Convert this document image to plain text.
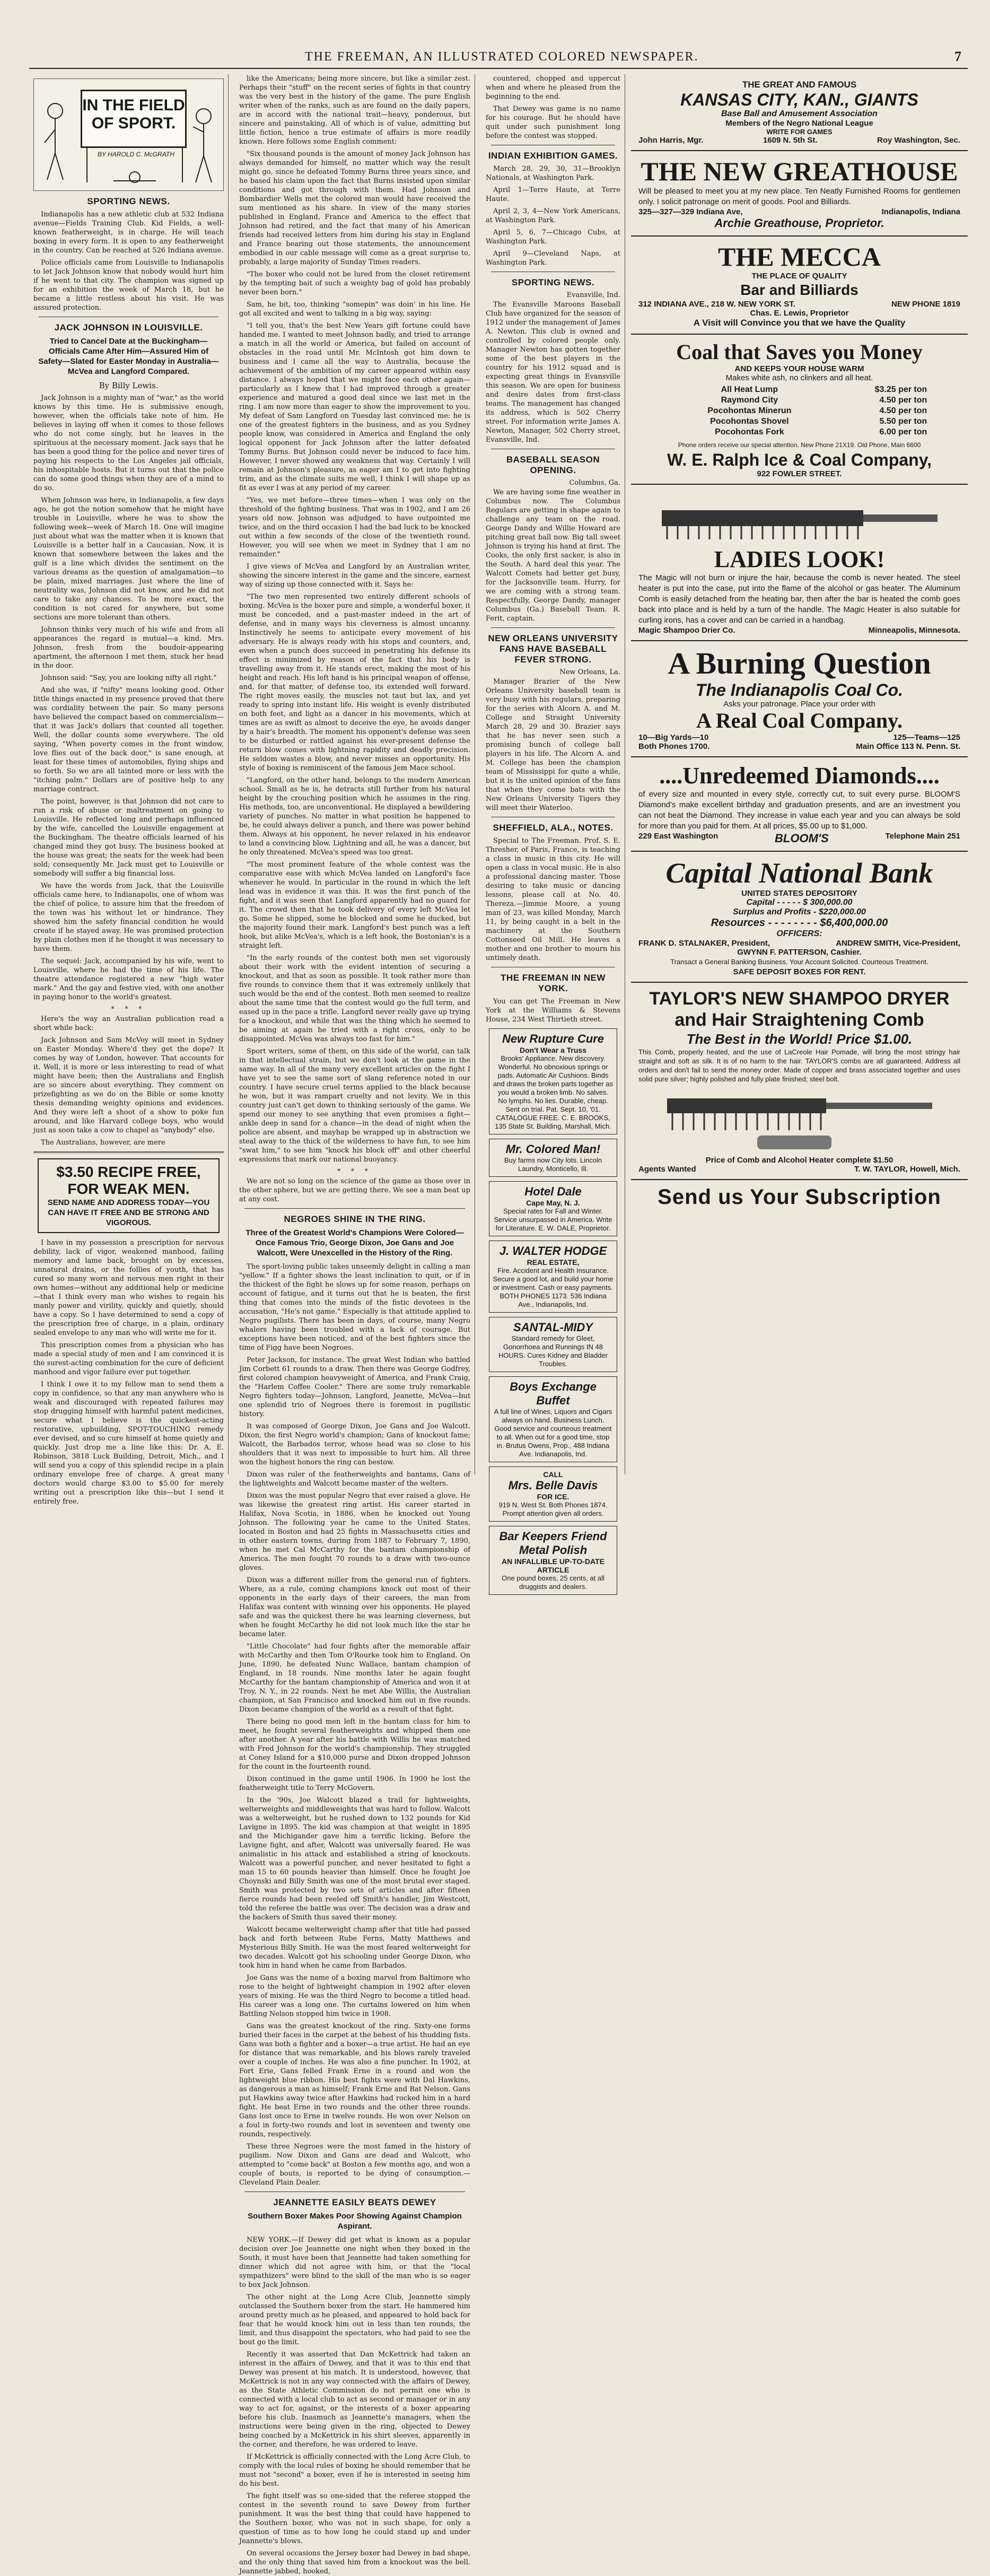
THE FREEMAN, AN ILLUSTRATED COLORED NEWSPAPER.	7
IN THE FIELD OF SPORT.
BY HAROLD C. McGRATH
SPORTING NEWS.

Indianapolis has a new athletic club at 532 Indiana avenue—Fields Training Club. Kid Fields, a well-known featherweight, is in charge. He will teach boxing in every form. It is open to any featherweight in the country. Can be reached at 526 Indiana avenue.

Police officials came from Louisville to Indianapolis to let Jack Johnson know that nobody would hurt him if he went to that city. The champion was signed up for an exhibition the week of March 18, but he became a little restless about his visit. He was assured protection.

JACK JOHNSON IN LOUISVILLE.
Tried to Cancel Date at the Buckingham—Officials Came After Him—Assured Him of Safety—Slated for Easter Monday in Australia—McVea and Langford Compared.
By Billy Lewis.

Jack Johnson is a mighty man of "war," as the world knows by this time. He is submissive enough, however, when the officials take note of him. He believes in laying off when it comes to those fellows who do not come singly, but he leaves in the spirituous at the necessary moment. Jack says that he has been a good thing for the police and never tires of paying his respects to the Los Angeles jail officials, his inhospitable hosts. But it turns out that the police can do some good things when they are of a mind to do so.

When Johnson was here, in Indianapolis, a few days ago, he got the notion somehow that he might have trouble in Louisville, where he was to show the following week—week of March 18. One will imagine just about what was the matter when it is known that Louisville is a better half in a Caucasian. Now, it is known that somewhere between the lakes and the gulf is a line which divides the sentiment on the various dreams as the question of amalgamation—to be plain, mixed marriages. Just where the line of neutrality was, Johnson did not know, and he did not care to take any chances. To be more exact, the condition is not cared for anywhere, but some sections are more tolerant than others.

Johnson thinks very much of his wife and from all appearances the regard is mutual—a kind. Mrs. Johnson, fresh from the boudoir-appearing apartment, the afternoon I met them, stuck her head in the door.

Johnson said: "Say, you are looking nifty all right."

And she was, if "nifty" means looking good. Other little things enacted in my presence proved that there was cordiality between the pair. So many persons have believed the compact based on commercialism—that it was Jack's dollars that counted all together. Well, the dollar counts some everywhere. The old saying, "When poverty comes in the front window, love flies out of the back door," is sane enough, at least for these times of automobiles, flying ships and so forth. So we are all tainted more or less with the "itching palm." Dollars are of positive help to any marriage contract.

The point, however, is that Johnson did not care to run a risk of abuse or maltreatment on going to Louisville. He reflected long and perhaps influenced by the wife, cancelled the Louisville engagement at the Buckingham. The theatre officials learned of his changed mind they got busy. The business booked at the house was great; the seats for the week had been sold; consequently Mr. Jack must get to Louisville or somebody will suffer a big financial loss.

We have the words from Jack, that the Louisville officials came here, to Indianapolis, one of whom was the chief of police, to assure him that the freedom of the town was his without let or hindrance. They showed him the safety financial condition he would create if he stayed away. He was promised protection by plain clothes men if he thought it was necessary to have them.

The sequel: Jack, accompanied by his wife, went to Louisville, where he had the time of his life. The theatre attendance registered a new "high water mark." And the gay and festive vied, with one another in paying honor to the world's greatest.

* * *

Here's the way an Australian publication read a short while back:

Jack Johnson and Sam McVey will meet in Sydney on Easter Monday. Where'd they get the dope? It comes by way of London, however. That accounts for it. Well, it is more or less interesting to read of what might have been; then the Australians and English are so sincere about everything. They comment on prizefighting as we do on the Bible or some knotty thesis demanding weighty opinions and evidences. And they were left a shoot of a show to poke fun around, and like Harvard college boys, who would just as soon take a cow to chapel as "anybody" else.

The Australians, however, are mere

$3.50 RECIPE FREE, FOR WEAK MEN.
SEND NAME AND ADDRESS TODAY—YOU CAN HAVE IT FREE AND BE STRONG AND VIGOROUS.

I have in my possession a prescription for nervous debility, lack of vigor, weakened manhood, failing memory and lame back, brought on by excesses, unnatural drains, or the follies of youth, that has cured so many worn and nervous men right in their own homes—without any additional help or medicine—that I think every man who wishes to regain his manly power and virility, quickly and quietly, should have a copy. So I have determined to send a copy of the prescription free of charge, in a plain, ordinary sealed envelope to any man who will write me for it.

This prescription comes from a physician who has made a special study of men and I am convinced it is the surest-acting combination for the cure of deficient manhood and vigor failure ever put together.

I think I owe it to my fellow man to send them a copy in confidence, so that any man anywhere who is weak and discouraged with repeated failures may stop drugging himself with harmful patent medicines, secure what I believe is the quickest-acting restorative, upbuilding, SPOT-TOUCHING remedy ever devised, and so cure himself at home quietly and quickly. Just drop me a line like this: Dr. A. E. Robinson, 3818 Luck Building, Detroit, Mich., and I will send you a copy of this splendid recipe in a plain ordinary envelope free of charge. A great many doctors would charge $3.00 to $5.00 for merely writing out a prescription like this—but I send it entirely free.

like the Americans; being more sincere, but like a similar zest. Perhaps their "stuff" on the recent series of fights in that country was the very best in the history of the game. The pure English writer when of the ranks, such as are found on the daily papers, are in accord with the national trait—heavy, ponderous, but sincere and painstaking. All of which is of value, admitting but little fiction, hence a true estimate of affairs is more readily known. Here follows some English comment:

"Six thousand pounds is the amount of money Jack Johnson has always demanded for himself, no matter which way the result might go, since he defeated Tommy Burns three years since, and he based his claim upon the fact that Burns insisted upon similar conditions and got through with them. Had Johnson and Bombardier Wells met the colored man would have received the sum mentioned as his share. In view of the many stories published in England, France and America to the effect that Johnson had retired, and the fact that many of his American friends had received letters from him during his stay in England and France bearing out those statements, the announcement embodied in our cable message will come as a great surprise to, probably, a large majority of Sunday Times readers.

"The boxer who could not be lured from the closet retirement by the tempting bait of such a weighty bag of gold has probably never been born."

Sam, he bit, too, thinking "somepin" was doin' in his line. He got all excited and went to talking in a big way, saying:

"I tell you, that's the best New Years gift fortune could have handed me. I wanted to meet Johnson badly, and tried to arrange a match in all the world or America, but failed on account of obstacles in the road until Mr. McIntosh got him down to business and I came all the way to Australia, because the achievement of the ambition of my career appeared within easy distance. I always hoped that we might face each other again—particularly as I knew that I had improved through a greater experience and matured a good deal since we last met in the ring. I am now more than eager to show the improvement to you. My defeat of Sam Langford on Tuesday last convinced me: he is one of the greatest fighters in the business, and as you Sydney people know, was considered in America and England the only logical opponent for Jack Johnson after the latter defeated Tommy Burns. But Johnson could never be induced to face him. However, I never showed any weakness that way. Certainly I will remain at Johnson's pleasure, as eager am I to get into fighting trim, and as the climate suits me well, I think I will shape up as fit as ever I was at any period of my career.

"Yes, we met before—three times—when I was only on the threshold of the fighting business. That was in 1902, and I am 26 years old now. Johnson was adjudged to have outpointed me twice, and on the third occasion I had the bad luck to be knocked out within a few seconds of the close of the twentieth round. However, you will see when we meet in Sydney that I am no remainder."

I give views of McVea and Langford by an Australian writer, showing the sincere interest in the game and the sincere, earnest way of sizing up those connected with it. Says he:

"The two men represented two entirely different schools of boxing. McVea is the boxer pure and simple, a wonderful boxer, it must be conceded, and a past-master indeed in the art of defense, and in many ways his cleverness is almost uncanny. Instinctively he seems to anticipate every movement of his adversary. He is always ready with his stops and counters, and, even when a punch does succeed in penetrating his defense its effect is minimized by reason of the fact that his body is travelling away from it. He stands erect, making the most of his height and reach. His left hand is his principal weapon of offense, and, for that matter, of defense too, its extended well forward. The right moves easily, the muscles not taut but lax, and yet ready to spring into instant life. His weight is evenly distributed on both feet, and light as a dancer in his movements, which at times are as swift as almost to deceive the eye, he avoids danger by a hair's breadth. The moment his opponent's defense was seen to be disturbed or rattled against his ever-present defense the return blow comes with lightning rapidity and deadly precision. He seldom wastes a blow, and never misses an opportunity. His style of boxing is reminiscent of the famous Jem Mace school.

"Langford, on the other hand, belongs to the modern American school. Small as he is, he detracts still further from his natural height by the crouching position which he assumes in the ring. His methods, too, are unconventional. He displayed a bewildering variety of punches. No matter in what position he happened to be, he could always deliver a punch, and there was power behind them. Always at his opponent, he never relaxed in his endeavor to land a convincing blow. Lightning and all, he was a dancer, but he only threatened. McVea's speed was too great.

"The most prominent feature of the whole contest was the comparative ease with which McVea landed on Langford's face whenever he would. In particular in the round in which the left lead was in evidence it was this. It was the first punch of the fight, and it was seen that Langford apparently had no guard for it. The crowd then that he took delivery of every left McVea let go. Some he slipped, some he blocked and some he ducked, but the majority found their mark. Langford's best punch was a left hook, but alike McVea's, which is a left hook, the Bostonian's is a straight left.

"In the early rounds of the contest both men set vigorously about their work with the evident intention of securing a knockout, and that as soon as possible. It took rather more than five rounds to convince them that it was extremely unlikely that such would be the end of the contest. Both men seemed to realize about the same time that the contest would go the full term, and eased up in the pace a trifle. Langford never really gave up trying for a knockout, and while that was the thing which he seemed to be aiming at again he tried with a right cross, only to be disappointed. McVea was always too fast for him."

Sport writers, some of them, on this side of the world, can talk in that intellectual strain, but we don't look at the game in the same way. In all of the many very excellent articles on the fight I have yet to see the same sort of slang reference noted in our country. I have secure cruel terms applied to the black because he won, but it was rampart cruelty and not levity. We in this country just can't get down to thinking seriously of the game. We spend our money to see anything that even promises a fight—ankle deep in sand for a chance—in the dead of night when the police are absent, and mayhap be wrapped up in abstraction we steal away to the thick of the wilderness to have fun, to see him "swat him," to see him "knock his block off" and other cheerful expressions that mark our national buoyancy.

* * *

We are not so long on the science of the game as those over in the other sphere, but we are getting there. We see a man beat up at any cost.

NEGROES SHINE IN THE RING.
Three of the Greatest World's Champions Were Colored—Once Famous Trio, George Dixon, Joe Gans and Joe Walcott, Were Unexcelled in the History of the Ring.

The sport-loving public takes unseemly delight in calling a man "yellow." If a fighter shows the least inclination to quit, or if in the thickest of the fight he slows up for some reason, perhaps on account of fatigue, and it turns out that he is beaten, the first thing that comes into the minds of the fistic devotees is the accusation, "He's not game." Especially is that attitude applied to Negro pugilists. There has been in days, of course, many Negro whalers having been troubled with a lack of courage. But exceptions have been noticed, and of the best fighters since the time of Figg have been Negroes.

Peter Jackson, for instance. The great West Indian who battled Jim Corbett 61 rounds to a draw. Then there was George Godfrey, first colored champion heavyweight of America, and Frank Craig, the "Harlem Coffee Cooler." There are some truly remarkable Negro fighters today—Johnson, Langford, Jeanette, McVea—but one splendid trio of Negroes there is foremost in pugilistic history.

It was composed of George Dixon, Joe Gans and Joe Walcott. Dixon, the first Negro world's champion; Gans of knockout fame; Walcott, the Barbados terror, whose head was so close to his shoulders that it was next to impossible to hurt him. All three won the highest honors the ring can bestow.

Dixon was ruler of the featherweights and bantams, Gans of the lightweights and Walcott became master of the welters.

Dixon was the most popular Negro that ever raised a glove. He was likewise the greatest ring artist. His career started in Halifax, Nova Scotia, in 1886, when he knocked out Young Johnson. The following year he came to the United States, located in Boston and had 25 fights in Massachusetts cities and in other eastern towns, during from 1887 to February 7, 1890, when he met Cal McCarthy for the bantam championship of America. The men fought 70 rounds to a draw with two-ounce gloves.

Dixon was a different miller from the general run of fighters. Where, as a rule, coming champions knock out most of their opponents in the early days of their careers, the man from Halifax was content with winning over his opponents. He played safe and was the quickest there he was learning cleverness, but when he fought McCarthy he did not look much like the star he became later.

"Little Chocolate" had four fights after the memorable affair with McCarthy and then Tom O'Rourke took him to England. On June, 1890, he defeated Nunc Wallace, bantam champion of England, in 18 rounds. Nine months later he again fought McCarthy for the bantam championship of America and won it at Troy, N. Y., in 22 rounds. Next he met Abe Willis, the Australian champion, at San Francisco and knocked him out in five rounds. Dixon became champion of the world as a result of that fight.

There being no good men left in the bantam class for him to meet, he fought several featherweights and whipped them one after another. A year after his battle with Willis he was matched with Fred Johnson for the world's championship. They struggled at Coney Island for a $10,000 purse and Dixon dropped Johnson for the count in the fourteenth round.

Dixon continued in the game until 1906. In 1900 he lost the featherweight title to Terry McGovern.

In the '90s, Joe Walcott blazed a trail for lightweights, welterweights and middleweights that was hard to follow. Walcott was a welterweight, but he rushed down to 132 pounds for Kid Lavigne in 1895. The kid was champion at that weight in 1895 and the Michigander gave him a terrific licking. Before the Lavigne fight, and after, Walcott was universally feared. He was animalistic in his attack and established a string of knockouts. Walcott was a powerful puncher, and never hesitated to fight a man 15 to 60 pounds heavier than himself. Once he fought Joe Choynski and Billy Smith was one of the most brutal ever staged. Smith was protected by two sets of articles and after fifteen fierce rounds had been reeled off Smith's handler, Jim Westcott, told the referee the battle was over. The decision was a draw and the backers of Smith thus saved their money.

Walcott became welterweight champ after that title had passed back and forth between Rube Ferns, Matty Matthews and Mysterious Billy Smith. He was the most feared welterweight for two decades. Walcott got his schooling under George Dixon, who took him in hand when he came from Barbados.

Joe Gans was the name of a boxing marvel from Baltimore who rose to the height of lightweight champion in 1902 after eleven years of mixing. He was the third Negro to become a titled head. His career was a long one. The curtains lowered on him when Battling Nelson stopped him twice in 1908.

Gans was the greatest knockout of the ring. Sixty-one forms buried their faces in the carpet at the behest of his thudding fists. Gans was both a fighter and a boxer—a true artist. He had an eye for distance that was remarkable, and his blows rarely traveled over a couple of inches. He was also a fine puncher. In 1902, at Fort Erie, Gans felled Frank Erne in a round and won the lightweight blue ribbon. His best fights were with Dal Hawkins, as dangerous a man as himself; Frank Erne and Bat Nelson. Gans put Hawkins away twice after Hawkins had rocked him in a hard fight. He beat Erne in two rounds and the other three rounds. Gans lost once to Erne in twelve rounds. He won over Nelson on a foul in forty-two rounds and lost in seventeen and twenty one rounds, respectively.

These three Negroes were the most famed in the history of pugilism. Now Dixon and Gans are dead and Walcott, who attempted to "come back" at Boston a few months ago, and won a couple of bouts, is reported to be dying of consumption.—Cleveland Plain Dealer.

JEANNETTE EASILY BEATS DEWEY
Southern Boxer Makes Poor Showing Against Champion Aspirant.

NEW YORK.—If Dewey did get what is known as a popular decision over Joe Jeannette one night when they boxed in the South, it must have been that Jeannette had taken something for dinner which did not agree with him, or that the "local sympathizers" were blind to the skill of the man who is so eager to box Jack Johnson.

The other night at the Long Acre Club, Jeannette simply outclassed the Southern boxer from the start. He hammered him around pretty much as he pleased, and appeared to hold back for fear that he would knock him out in less than ten rounds, the limit, and thus disappoint the spectators, who had paid to see the bout go the limit.

Recently it was asserted that Dan McKettrick had taken an interest in the affairs of Dewey, and that it was to this end that Dewey was present at his match. It is understood, however, that McKettrick is not in any way connected with the affairs of Dewey, as the State Athletic Commission do not permit one who is connected with a local club to act as second or manager or in any way to act for, against, or the interests of a boxer appearing before his club. Inasmuch as Jeannette's managers, when the instructions were being given in the ring, objected to Dewey being coached by a McKettrick in his shirt sleeves, apparently in the corner, and therefore, he was ordered to leave.

If McKettrick is officially connected with the Long Acre Club, to comply with the local rules of boxing he should remember that he must not "second" a boxer, even if he is interested in seeing him do his best.

The fight itself was so one-sided that the referee stopped the contest in the seventh round to save Dewey from further punishment. It was the best thing that could have happened to the Southern boxer, who was not in such shape, for only a question of time as to how long he could stand up and under Jeannette's blows.

On several occasions the Jersey boxer had Dewey in bad shape, and the only thing that saved him from a knockout was the bell. Jeannette jabbed, hooked,

countered, chopped and uppercut when and where he pleased from the beginning to the end.

That Dewey was game is no name for his courage. But he should have quit under such punishment long before the contest was stopped.

INDIAN EXHIBITION GAMES.

March 28, 29, 30, 31—Brooklyn Nationals, at Washington Park.

April 1—Terre Haute, at Terre Haute.

April 2, 3, 4—New York Americans, at Washington Park.

April 5, 6, 7—Chicago Cubs, at Washington Park.

April 9—Cleveland Naps, at Washington Park.

SPORTING NEWS.
Evansville, Ind.

The Evansville Maroons Baseball Club have organized for the season of 1912 under the management of James A. Newton. This club is owned and controlled by colored people only. Manager Newton has gotten together some of the best players in the country for his 1912 squad and is expecting great things in Evansville this season. We are open for business and desire dates from first-class teams. The management has changed its address, which is 502 Cherry street. For information write James A. Newton, Manager, 502 Cherry street, Evansville, Ind.

BASEBALL SEASON OPENING.
Columbus, Ga.

We are having some fine weather in Columbus now. The Columbus Regulars are getting in shape again to challenge any team on the road. George Dandy and Willie Howard are pitching great ball now. Big tall sweet Johnson is trying his hand at first. The Cooks, the only first sacker, is also in the South. A hard deal this year. The Walcott Comets had better get busy, for the Jacksonville team. Hurry, for we are coming with a strong team. Respectfully, George Dandy, manager Columbus (Ga.) Baseball Team. R. Ferit, captain.

NEW ORLEANS UNIVERSITY FANS HAVE BASEBALL FEVER STRONG.
New Orleans, La.

Manager Brazier of the New Orleans University baseball team is very busy with his regulars, preparing for the series with Alcorn A. and M. College and Straight University March 28, 29 and 30. Brazier says that he has never seen such a promising bunch of college ball players in his life. The Alcorn A. and M. College has been the champion team of Mississippi for quite a while, but it is the united opinion of the fans that when they come bats with the New Orleans University Tigers they will meet their Waterloo.

SHEFFIELD, ALA., NOTES.

Special to The Freeman. Prof. S. E. Thresher, of Paris, France, is teaching a class in music in this city. He will open a class in vocal music. He is also a professional dancing master. Those desiring to take music or dancing lessons, please call at No. 40. Thereza.—Jimmie Moore, a young man of 23, was killed Monday, March 11, by being caught in a belt in the machinery at the Southern Cottonseed Oil Mill. He leaves a mother and one brother to mourn his untimely death.

THE FREEMAN IN NEW YORK.

You can get The Freeman in New York at the Williams & Stevens House, 234 West Thirtieth street.

New Rupture Cure
Don't Wear a Truss
Brooks' Appliance. New discovery. Wonderful. No obnoxious springs or pads. Automatic Air Cushions. Binds and draws the broken parts together as you would a broken limb. No salves. No lymphs. No lies. Durable, cheap. Sent on trial. Pat. Sept. 10, '01. CATALOGUE FREE. C. E. BROOKS, 135 State St. Building, Marshall, Mich.
Mr. Colored Man!
Buy farms now City lots. Lincoln Laundry, Monticello, Ill.
Hotel Dale
Cape May, N. J.
Special rates for Fall and Winter. Service unsurpassed in America. Write for Literature. E. W. DALE, Proprietor.
J. WALTER HODGE
REAL ESTATE,
Fire. Accident and Health Insurance. Secure a good lot, and build your home or investment. Cash or easy payments. BOTH PHONES 1173. 536 Indiana Ave., Indianapolis, Ind.
SANTAL-MIDY
Standard remedy for Gleet, Gonorrhoea and Runnings IN 48 HOURS. Cures Kidney and Bladder Troubles.
Boys Exchange Buffet
A full line of Wines, Liquors and Cigars always on hand. Business Lunch. Good service and courteous treatment to all. When out for a good time, stop in. Brutus Owens, Prop., 488 Indiana Ave. Indianapolis, Ind.
CALL
Mrs. Belle Davis
FOR ICE.
919 N. West St. Both Phones 1874. Prompt attention given all orders.
Bar Keepers Friend Metal Polish
AN INFALLIBLE UP-TO-DATE ARTICLE
One pound boxes, 25 cents, at all druggists and dealers.
THE GREAT AND FAMOUS
KANSAS CITY, KAN., GIANTS
Base Ball and Amusement Association
Members of the Negro National League
WRITE FOR GAMES
John Harris, Mgr.	1609 N. 5th St.	Roy Washington, Sec.
THE NEW GREATHOUSE
Will be pleased to meet you at my new place. Ten Neatly Furnished Rooms for gentlemen only. I solicit patronage on merit of goods. Pool and Billiards.
325—327—329 Indiana Ave,	Indianapolis, Indiana
Archie Greathouse, Proprietor.
THE MECCA
THE PLACE OF QUALITY
Bar and Billiards
312 INDIANA AVE., 218 W. NEW YORK ST.	NEW PHONE 1819
Chas. E. Lewis, Proprietor
A Visit will Convince you that we have the Quality
Coal that Saves you Money
AND KEEPS YOUR HOUSE WARM
Makes white ash, no clinkers and all heat.
All Heat Lump	$3.25 per ton
Raymond City	4.50 per ton
Pocohontas Minerun	4.50 per ton
Pocohontas Shovel	5.50 per ton
Pocohontas Fork	6.00 per ton
Phone orders receive our special attention. New Phone 21X19. Old Phone, Main 6600
W. E. Ralph Ice & Coal Company,
922 FOWLER STREET.
LADIES LOOK!
The Magic will not burn or injure the hair, because the comb is never heated. The steel heater is put into the case, put into the flame of the alcohol or gas heater. The Aluminum Comb is easily detached from the heating bar, then after the bar is heated the comb goes back into place and is held by a turn of the handle. The Magic Heater is also suitable for curling irons, has a cover and can be carried in a handbag.
Magic Shampoo Drier Co.	Minneapolis, Minnesota.
A Burning Question
The Indianapolis Coal Co.
Asks your patronage. Place your order with
A Real Coal Company.
10—Big Yards—10	125—Teams—125
Both Phones 1700.	Main Office 113 N. Penn. St.
....Unredeemed Diamonds....
of every size and mounted in every style, correctly cut, to suit every purse. BLOOM'S Diamond's make excellent birthday and graduation presents, and are an investment you can not beat the Diamond. They increase in value each year and you can always be sold for more than you paid for them. At all prices, $5.00 up to $1,000.
229 East Washington	BLOOM'S	Telephone Main 251
Capital National Bank
UNITED STATES DEPOSITORY
Capital - - - - - $ 300,000.00
Surplus and Profits - $220,000.00
Resources - - - - - - - - $6,400,000.00
OFFICERS:
FRANK D. STALNAKER, President,	ANDREW SMITH, Vice-President,
GWYNN F. PATTERSON, Cashier.
Transact a General Banking Business. Your Account Solicited. Courteous Treatment.
SAFE DEPOSIT BOXES FOR RENT.
TAYLOR'S NEW SHAMPOO DRYER and Hair Straightening Comb
The Best in the World! Price $1.00.
This Comb, properly heated, and the use of LaCreole Hair Pomade, will bring the most stringy hair straight and soft as silk. It is of no harm to the hair. TAYLOR'S combs are all guaranteed. Address all orders and don't fail to send the money order. Made of copper and brass associated together and uses solid pure silver; highly polished and fully plate finished; steel bolt.
Price of Comb and Alcohol Heater complete $1.50
Agents Wanted	T. W. TAYLOR, Howell, Mich.
Send us Your Subscription
